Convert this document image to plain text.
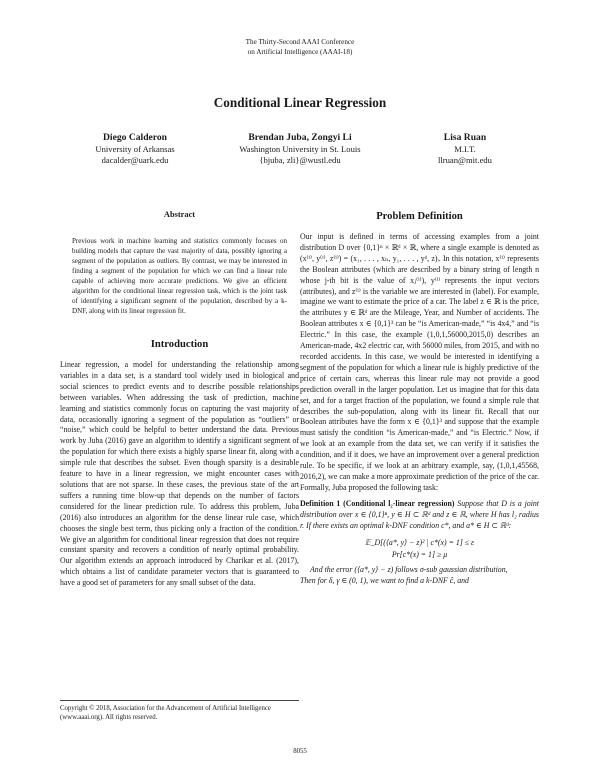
The Thirty-Second AAAI Conference
on Artificial Intelligence (AAAI-18)
Conditional Linear Regression
Diego Calderon
University of Arkansas
dacalder@uark.edu
Brendan Juba, Zongyi Li
Washington University in St. Louis
{bjuba, zli}@wustl.edu
Lisa Ruan
M.I.T.
llruan@mit.edu
Abstract
Previous work in machine learning and statistics commonly focuses on building models that capture the vast majority of data, possibly ignoring a segment of the population as outliers. By contrast, we may be interested in finding a segment of the population for which we can find a linear rule capable of achieving more accurate predictions. We give an efficient algorithm for the conditional linear regression task, which is the joint task of identifying a significant segment of the population, described by a k-DNF, along with its linear regression fit.
Introduction
Linear regression, a model for understanding the relationship among variables in a data set, is a standard tool widely used in biological and social sciences to predict events and to describe possible relationships between variables. When addressing the task of prediction, machine learning and statistics commonly focus on capturing the vast majority of data, occasionally ignoring a segment of the population as “outliers” or “noise,” which could be helpful to better understand the data. Previous work by Juba (2016) gave an algorithm to identify a significant segment of the population for which there exists a highly sparse linear fit, along with a simple rule that describes the subset. Even though sparsity is a desirable feature to have in a linear regression, we might encounter cases with solutions that are not sparse. In these cases, the previous state of the art suffers a running time blow-up that depends on the number of factors considered for the linear prediction rule. To address this problem, Juba (2016) also introduces an algorithm for the dense linear rule case, which chooses the single best term, thus picking only a fraction of the condition. We give an algorithm for conditional linear regression that does not require constant sparsity and recovers a condition of nearly optimal probability. Our algorithm extends an approach introduced by Charikar et al. (2017), which obtains a list of candidate parameter vectors that is guaranteed to have a good set of parameters for any small subset of the data.
Problem Definition
Our input is defined in terms of accessing examples from a joint distribution D over {0,1}ⁿ × ℝᵈ × ℝ, where a single example is denoted as (x⁽ⁱ⁾, y⁽ⁱ⁾, z⁽ⁱ⁾) = (x₁, . . . , xₙ, y₁, . . . , yᵈ, z)ᵢ. In this notation, x⁽ⁱ⁾ represents the Boolean attributes (which are described by a binary string of length n whose j-th bit is the value of xⱼ⁽ⁱ⁾), y⁽ⁱ⁾ represents the input vectors (attributes), and z⁽ⁱ⁾ is the variable we are interested in (label). For example, imagine we want to estimate the price of a car. The label z ∈ ℝ is the price, the attributes y ∈ ℝᵈ are the Mileage, Year, and Number of accidents. The Boolean attributes x ∈ {0,1}³ can be “is American-made,” “is 4x4,” and “is Electric.” In this case, the example (1,0,1,56000,2015,0) describes an American-made, 4x2 electric car, with 56000 miles, from 2015, and with no recorded accidents. In this case, we would be interested in identifying a segment of the population for which a linear rule is highly predictive of the price of certain cars, whereas this linear rule may not provide a good prediction overall in the larger population. Let us imagine that for this data set, and for a target fraction of the population, we found a simple rule that describes the sub-population, along with its linear fit. Recall that our Boolean attributes have the form x ∈ {0,1}³ and suppose that the example must satisfy the condition “is American-made,” and “is Electric.” Now, if we look at an example from the data set, we can verify if it satisfies the condition, and if it does, we have an improvement over a general prediction rule. To be specific, if we look at an arbitrary example, say, (1,0,1,45568, 2016,2), we can make a more approximate prediction of the price of the car. Formally, Juba proposed the following task:
Definition 1 (Conditional l₂-linear regression) Suppose that D is a joint distribution over x ∈ {0,1}ⁿ, y ∈ H ⊂ ℝᵈ and z ∈ ℝ, where H has l₂ radius r. If there exists an optimal k-DNF condition c*, and a* ∈ H ⊂ ℝᵈ:
𝔼_D[(⟨a*, y⟩ − z)² | c*(x) = 1] ≤ ε
Pr[c*(x) = 1] ≥ μ
And the error (⟨a*, y⟩ − z) follows σ-sub gaussian distribution,
Then for δ, γ ∈ (0, 1), we want to find a k-DNF ĉ, and
Copyright © 2018, Association for the Advancement of Artificial Intelligence (www.aaai.org). All rights reserved.
8055
